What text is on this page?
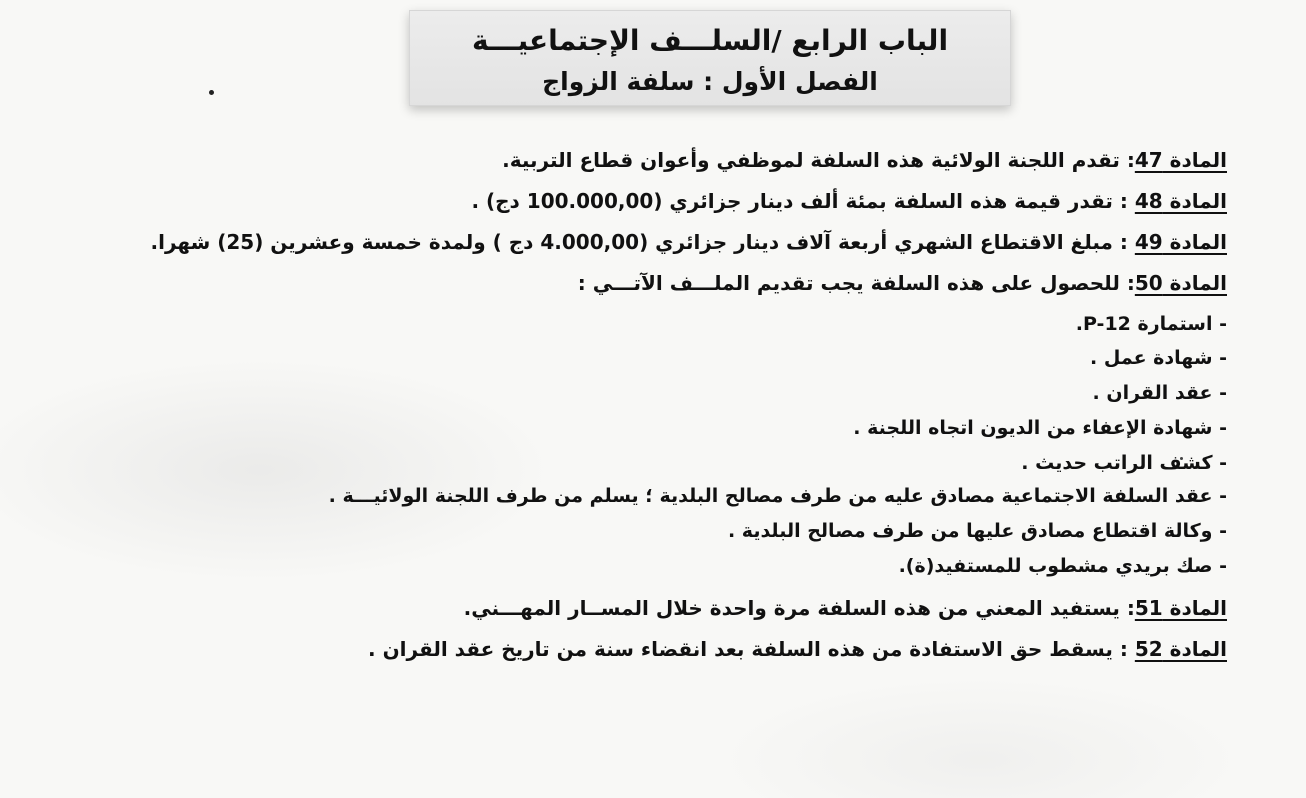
الباب الرابع /السلـــف الإجتماعيـــة
الفصل الأول : سلفة الزواج
المادة 47: تقدم اللجنة الولائية هذه السلفة لموظفي وأعوان قطاع التربية.
المادة 48 : تقدر قيمة هذه السلفة بمئة ألف دينار جزائري (100.000,00 دج) .
المادة 49 : مبلغ الاقتطاع الشهري أربعة آلاف دينار جزائري (4.000,00 دج ) ولمدة خمسة وعشرين (25) شهرا.
المادة 50: للحصول على هذه السلفة يجب تقديم الملـــف الآتـــي :
- استمارة P-12.
- شهادة عمل .
- عقد القران .
- شهادة الإعفاء من الديون اتجاه اللجنة .
- كشف الراتب حديث .
- عقد السلفة الاجتماعية مصادق عليه من طرف مصالح البلدية ؛ يسلم من طرف اللجنة الولائيـــة .
- وكالة اقتطاع مصادق عليها من طرف مصالح البلدية .
- صك بريدي مشطوب للمستفيد(ة).
المادة 51: يستفيد المعني من هذه السلفة مرة واحدة خلال المســار المهـــني.
المادة 52 : يسقط حق الاستفادة من هذه السلفة بعد انقضاء سنة من تاريخ عقد القران .
